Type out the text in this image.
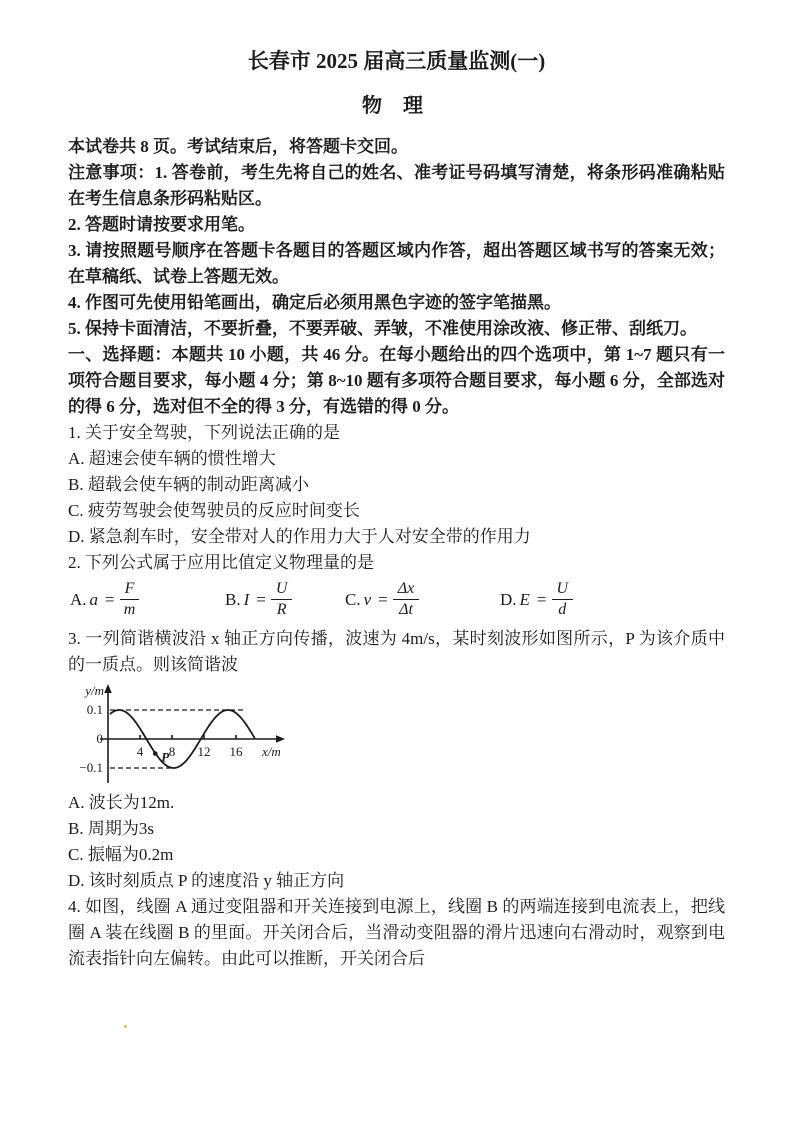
长春市 2025 届高三质量监测(一)
物 理

本试卷共 8 页。考试结束后，将答题卡交回。

注意事项：1. 答卷前，考生先将自己的姓名、准考证号码填写清楚，将条形码准确粘贴在考生信息条形码粘贴区。

2. 答题时请按要求用笔。

3. 请按照题号顺序在答题卡各题目的答题区域内作答，超出答题区域书写的答案无效； 在草稿纸、试卷上答题无效。

4. 作图可先使用铅笔画出，确定后必须用黑色字迹的签字笔描黑。

5. 保持卡面清洁，不要折叠，不要弄破、弄皱，不准使用涂改液、修正带、刮纸刀。

一、选择题：本题共 10 小题，共 46 分。在每小题给出的四个选项中，第 1~7 题只有一项符合题目要求，每小题 4 分；第 8~10 题有多项符合题目要求，每小题 6 分，全部选对的得 6 分，选对但不全的得 3 分，有选错的得 0 分。

1. 关于安全驾驶，下列说法正确的是

A. 超速会使车辆的惯性增大

B. 超载会使车辆的制动距离减小

C. 疲劳驾驶会使驾驶员的反应时间变长

D. 紧急刹车时，安全带对人的作用力大于人对安全带的作用力

2. 下列公式属于应用比值定义物理量的是

A. $a = \frac{F}{m}$	B. $I = \frac{U}{R}$	C. $v = \frac{\Delta x}{\Delta t}$	D. $E = \frac{U}{d}$

3. 一列简谐横波沿 x 轴正方向传播，波速为 4m/s，某时刻波形如图所示，P 为该介质中的一质点。则该简谐波

4 8 12 16
0.1
0
−0.1
y/m
x/m
P

A. 波长为12m.

B. 周期为3s

C. 振幅为0.2m

D. 该时刻质点 P 的速度沿 y 轴正方向

4. 如图，线圈 A 通过变阻器和开关连接到电源上，线圈 B 的两端连接到电流表上，把线圈 A 装在线圈 B 的里面。开关闭合后，当滑动变阻器的滑片迅速向右滑动时，观察到电流表指针向左偏转。由此可以推断，开关闭合后
